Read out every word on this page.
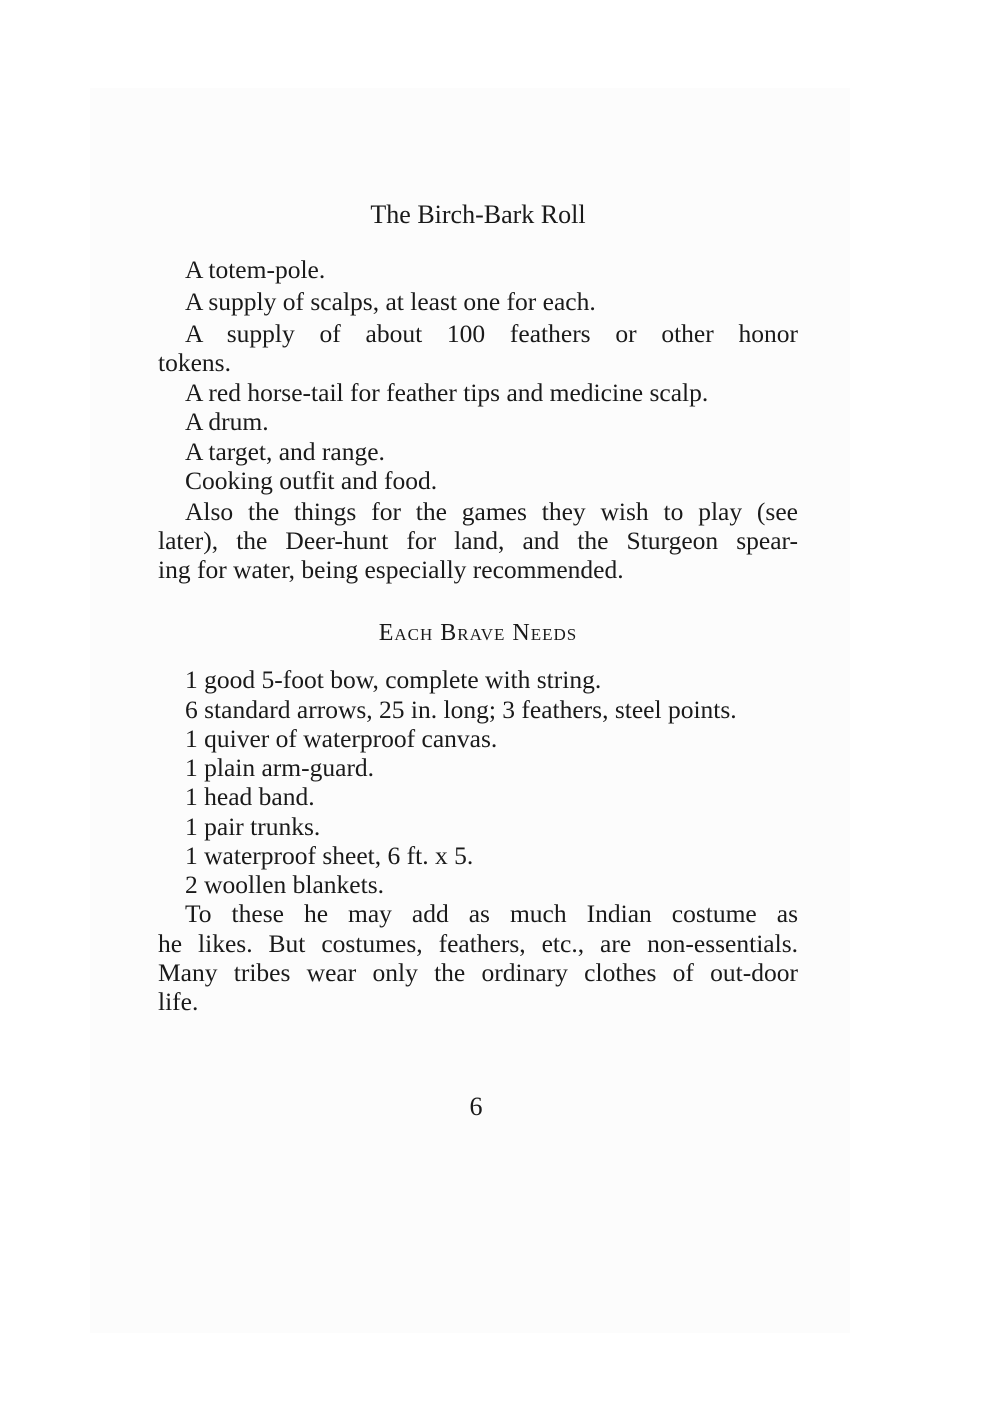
The Birch-Bark Roll
A totem-pole.
A supply of scalps, at least one for each.
A supply of about 100 feathers or other honor
tokens.
A red horse-tail for feather tips and medicine scalp.
A drum.
A target, and range.
Cooking outfit and food.
Also the things for the games they wish to play (see
later), the Deer-hunt for land, and the Sturgeon spear-
ing for water, being especially recommended.
Each Brave Needs
1 good 5-foot bow, complete with string.
6 standard arrows, 25 in. long; 3 feathers, steel points.
1 quiver of waterproof canvas.
1 plain arm-guard.
1 head band.
1 pair trunks.
1 waterproof sheet, 6 ft. x 5.
2 woollen blankets.
To these he may add as much Indian costume as
he likes. But costumes, feathers, etc., are non-essentials.
Many tribes wear only the ordinary clothes of out-door
life.
6
